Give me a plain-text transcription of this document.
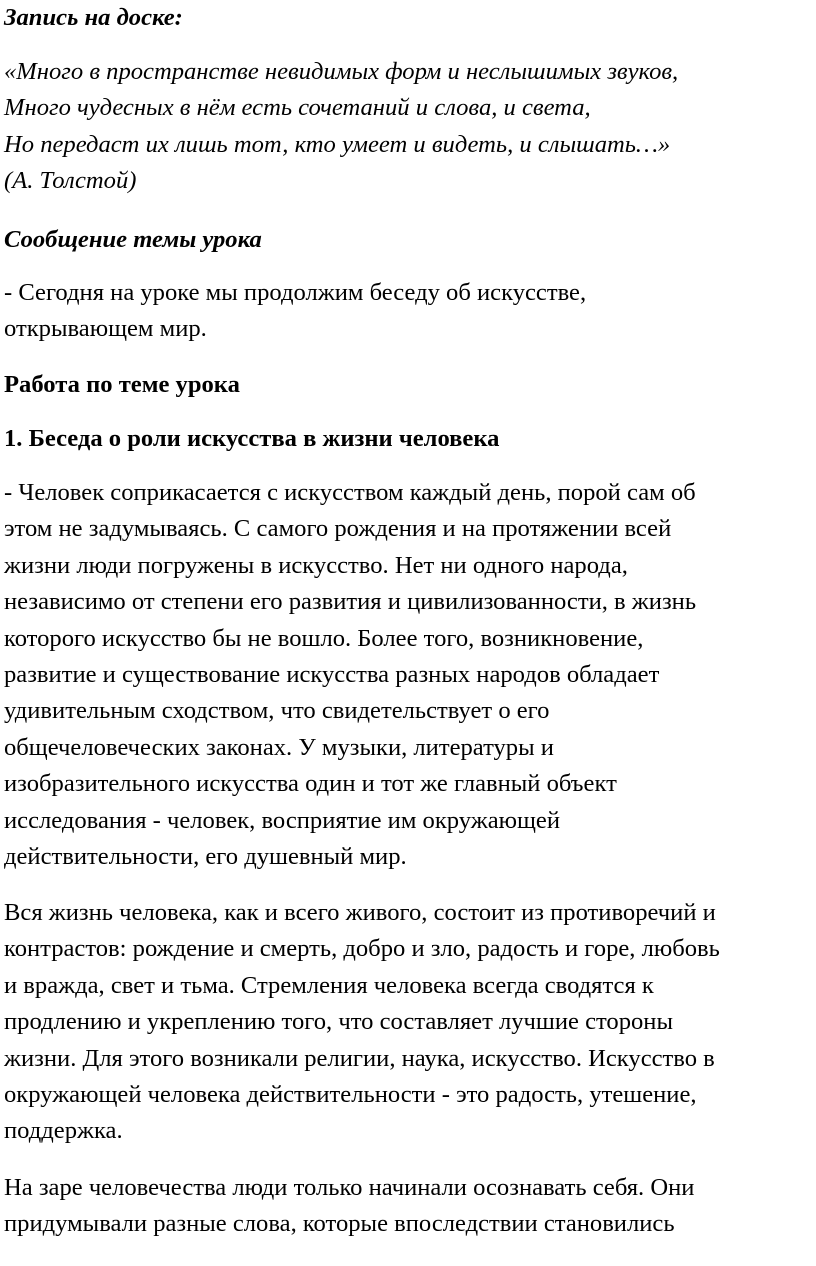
Запись на доске:
«Много в пространстве невидимых форм и неслышимых звуков,
Много чудесных в нём есть сочетаний и слова, и света,
Но передаст их лишь тот, кто умеет и видеть, и слышать…»
(А. Толстой)
Сообщение темы урока
- Сегодня на уроке мы продолжим беседу об искусстве,
открывающем мир.
Работа по теме урока
1. Беседа о роли искусства в жизни человека
- Человек соприкасается с искусством каждый день, порой сам об
этом не задумываясь. С самого рождения и на протяжении всей
жизни люди погружены в искусство. Нет ни одного народа,
независимо от степени его развития и цивилизованности, в жизнь
которого искусство бы не вошло. Более того, возникновение,
развитие и существование искусства разных народов обладает
удивительным сходством, что свидетельствует о его
общечеловеческих законах. У музыки, литературы и
изобразительного искусства один и тот же главный объект
исследования - человек, восприятие им окружающей
действительности, его душевный мир.
Вся жизнь человека, как и всего живого, состоит из противоречий и
контрастов: рождение и смерть, добро и зло, радость и горе, любовь
и вражда, свет и тьма. Стремления человека всегда сводятся к
продлению и укреплению того, что составляет лучшие стороны
жизни. Для этого возникали религии, наука, искусство. Искусство в
окружающей человека действительности - это радость, утешение,
поддержка.
На заре человечества люди только начинали осознавать себя. Они
придумывали разные слова, которые впоследствии становились
